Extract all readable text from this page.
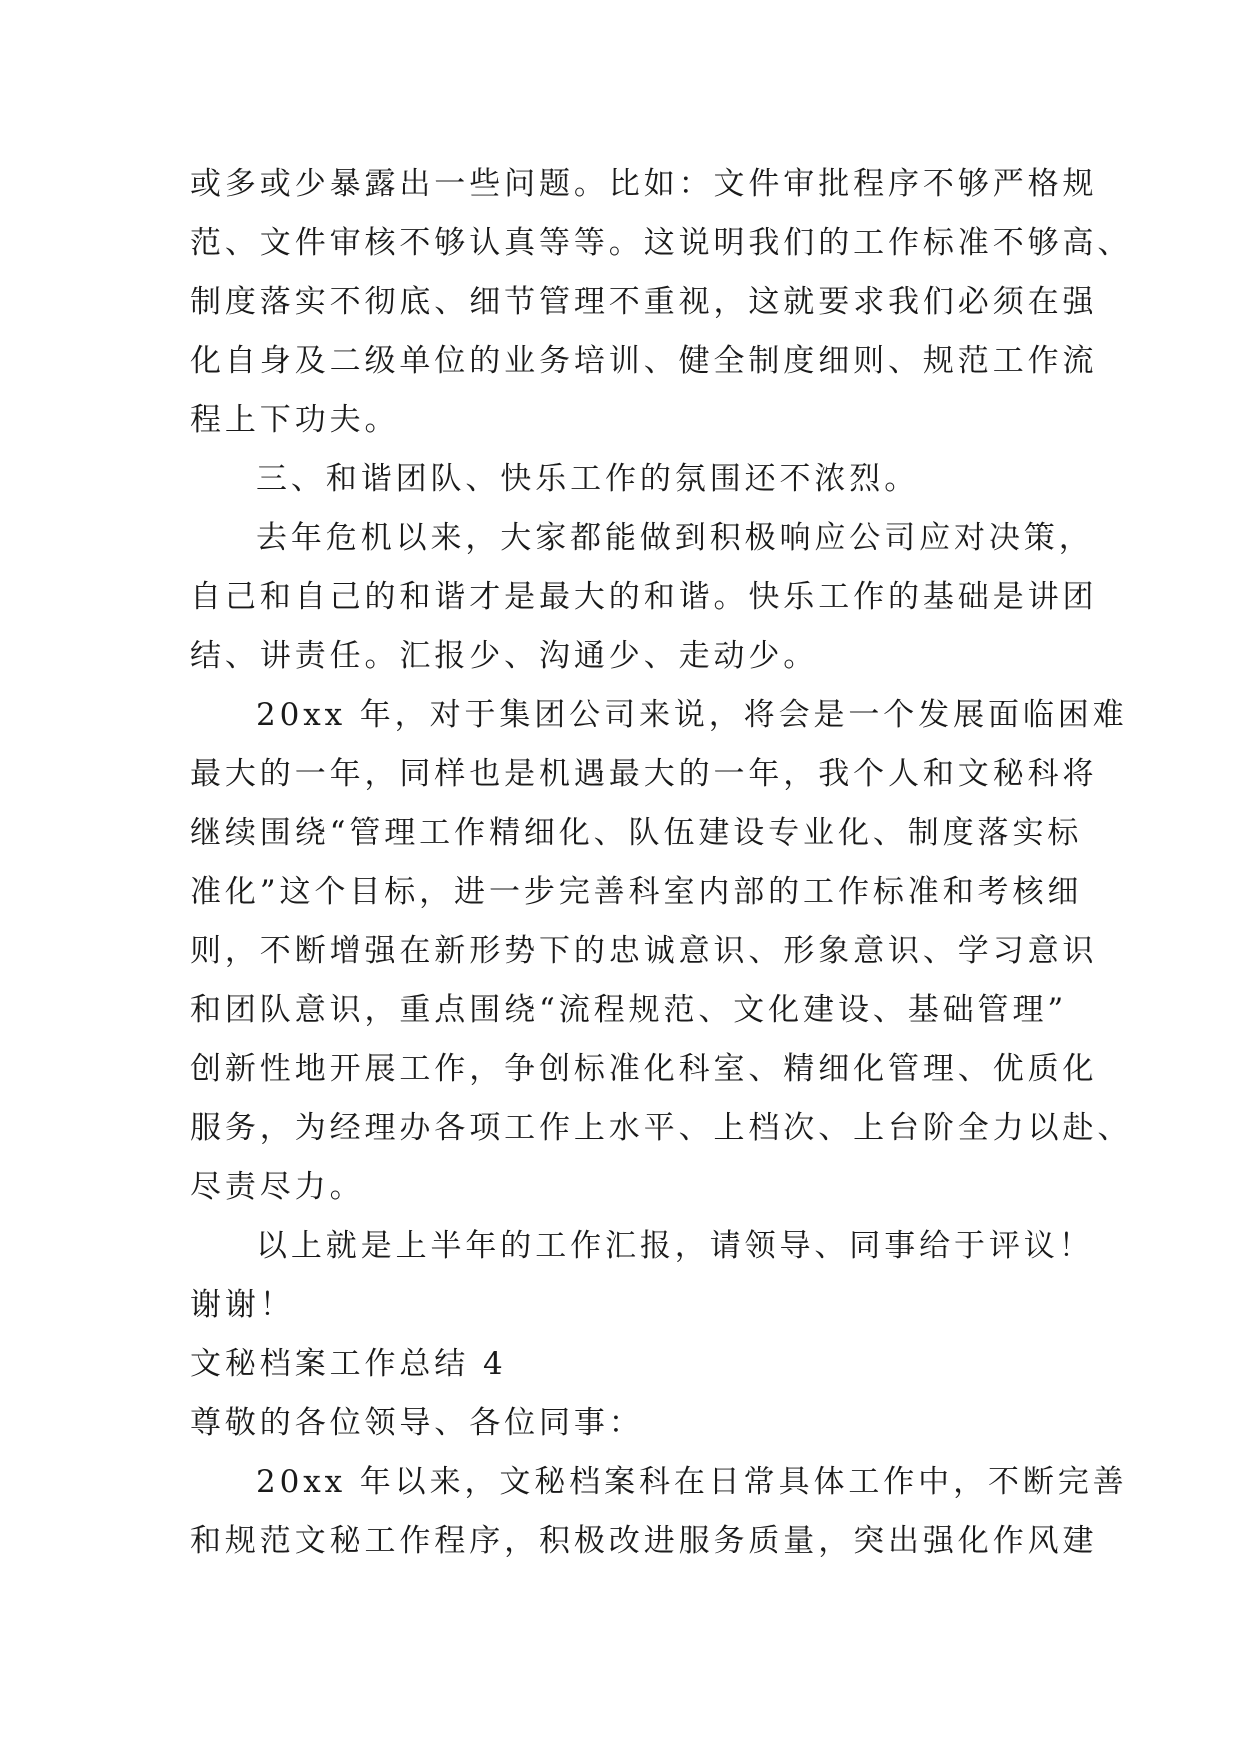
或多或少暴露出一些问题。比如：文件审批程序不够严格规
范、文件审核不够认真等等。这说明我们的工作标准不够高、
制度落实不彻底、细节管理不重视，这就要求我们必须在强
化自身及二级单位的业务培训、健全制度细则、规范工作流
程上下功夫。
三、和谐团队、快乐工作的氛围还不浓烈。
去年危机以来，大家都能做到积极响应公司应对决策，
自己和自己的和谐才是最大的和谐。快乐工作的基础是讲团
结、讲责任。汇报少、沟通少、走动少。
20xx 年，对于集团公司来说，将会是一个发展面临困难
最大的一年，同样也是机遇最大的一年，我个人和文秘科将
继续围绕“管理工作精细化、队伍建设专业化、制度落实标
准化”这个目标，进一步完善科室内部的工作标准和考核细
则，不断增强在新形势下的忠诚意识、形象意识、学习意识
和团队意识，重点围绕“流程规范、文化建设、基础管理”
创新性地开展工作，争创标准化科室、精细化管理、优质化
服务，为经理办各项工作上水平、上档次、上台阶全力以赴、
尽责尽力。
以上就是上半年的工作汇报，请领导、同事给于评议！
谢谢！
文秘档案工作总结 4
尊敬的各位领导、各位同事：
20xx 年以来，文秘档案科在日常具体工作中，不断完善
和规范文秘工作程序，积极改进服务质量，突出强化作风建
